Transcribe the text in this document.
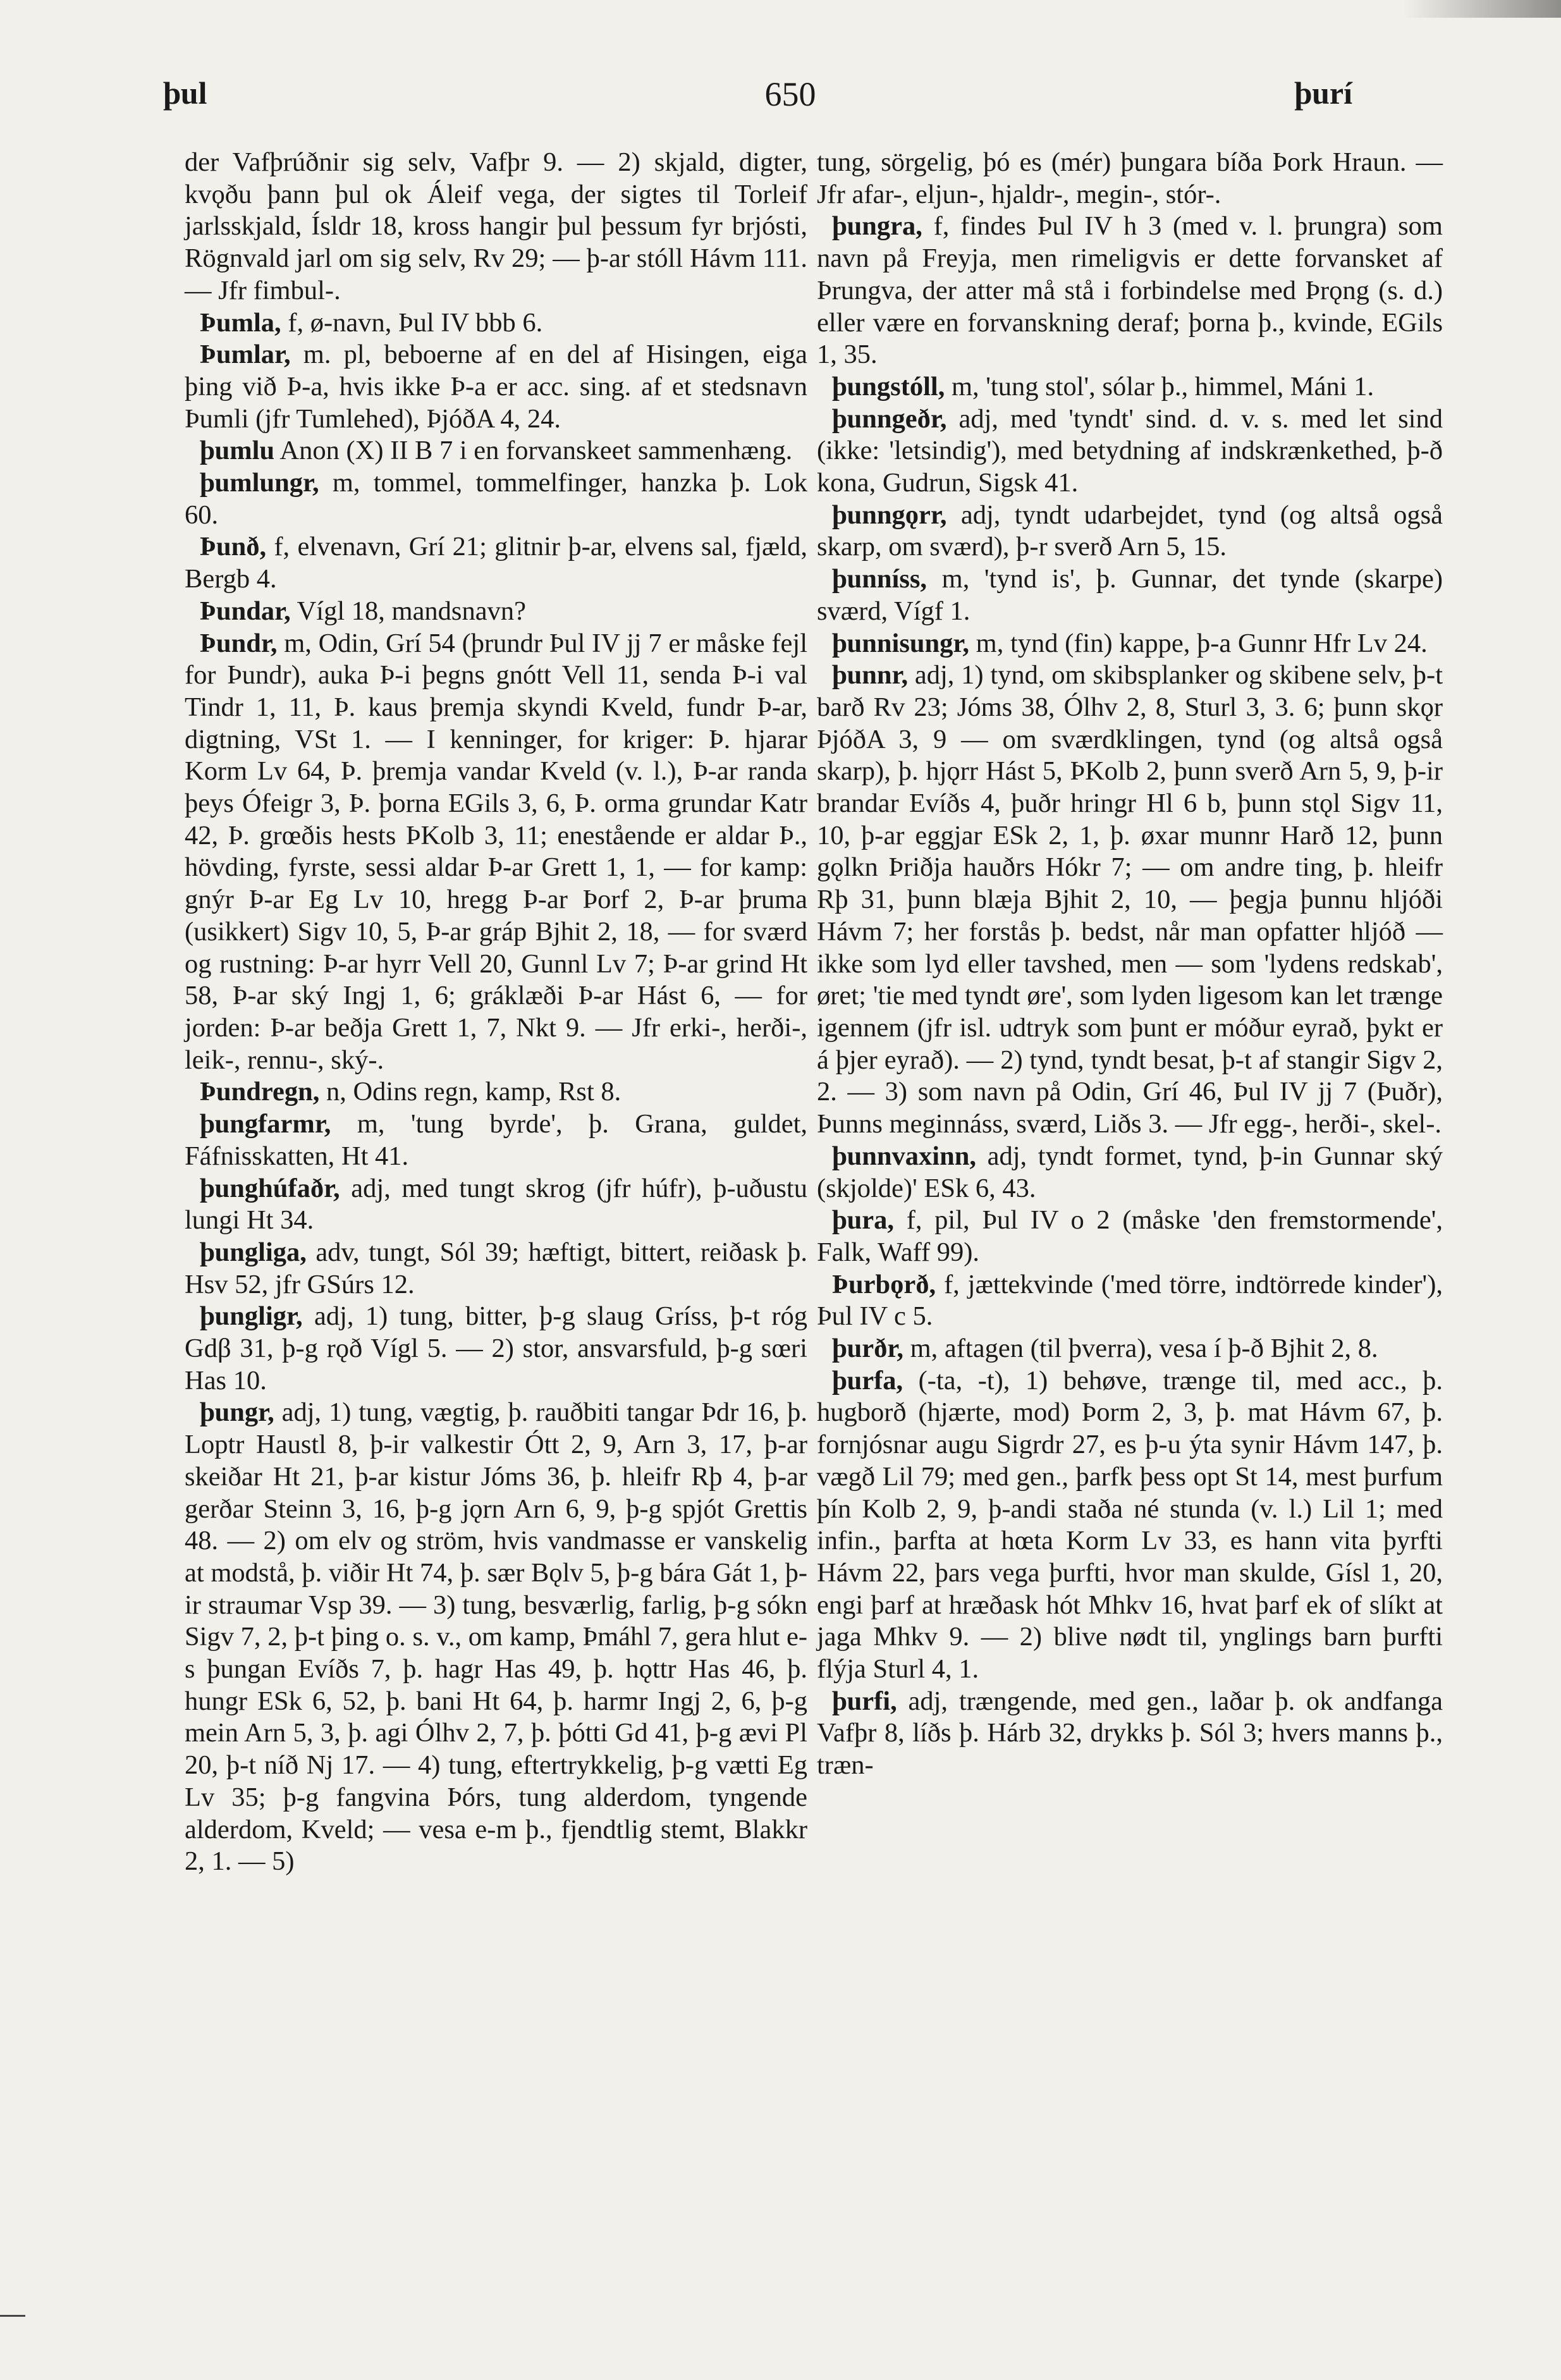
þul	650	þurí

der Vafþrúðnir sig selv, Vafþr 9. — 2) skjald, digter, kvǫðu þann þul ok Áleif vega, der sigtes til Torleif jarlsskjald, Ísldr 18, kross hangir þul þessum fyr brjósti, Rögnvald jarl om sig selv, Rv 29; — þ-ar stóll Hávm 111. — Jfr fimbul-.

Þumla, f, ø-navn, Þul IV bbb 6.

Þumlar, m. pl, beboerne af en del af Hisingen, eiga þing við Þ-a, hvis ikke Þ-a er acc. sing. af et stedsnavn Þumli (jfr Tumlehed), ÞjóðA 4, 24.

þumlu Anon (X) II B 7 i en forvanskeet sammenhæng.

þumlungr, m, tommel, tommelfinger, hanzka þ. Lok 60.

Þunð, f, elvenavn, Grí 21; glitnir þ-ar, elvens sal, fjæld, Bergb 4.

Þundar, Vígl 18, mandsnavn?

Þundr, m, Odin, Grí 54 (þrundr Þul IV jj 7 er måske fejl for Þundr), auka Þ-i þegns gnótt Vell 11, senda Þ-i val Tindr 1, 11, Þ. kaus þremja skyndi Kveld, fundr Þ-ar, digtning, VSt 1. — I kenninger, for kriger: Þ. hjarar Korm Lv 64, Þ. þremja vandar Kveld (v. l.), Þ-ar randa þeys Ófeigr 3, Þ. þorna EGils 3, 6, Þ. orma grundar Katr 42, Þ. grœðis hests ÞKolb 3, 11; enestående er aldar Þ., hövding, fyrste, sessi aldar Þ-ar Grett 1, 1, — for kamp: gnýr Þ-ar Eg Lv 10, hregg Þ-ar Þorf 2, Þ-ar þruma (usikkert) Sigv 10, 5, Þ-ar gráp Bjhit 2, 18, — for sværd og rustning: Þ-ar hyrr Vell 20, Gunnl Lv 7; Þ-ar grind Ht 58, Þ-ar ský Ingj 1, 6; gráklæði Þ-ar Hást 6, — for jorden: Þ-ar beðja Grett 1, 7, Nkt 9. — Jfr erki-, herði-, leik-, rennu-, ský-.

Þundregn, n, Odins regn, kamp, Rst 8.

þungfarmr, m, 'tung byrde', þ. Grana, guldet, Fáfnisskatten, Ht 41.

þunghúfaðr, adj, med tungt skrog (jfr húfr), þ-uðustu lungi Ht 34.

þungliga, adv, tungt, Sól 39; hæftigt, bittert, reiðask þ. Hsv 52, jfr GSúrs 12.

þungligr, adj, 1) tung, bitter, þ-g slaug Gríss, þ-t róg Gdβ 31, þ-g rǫð Vígl 5. — 2) stor, ansvarsfuld, þ-g sœri Has 10.

þungr, adj, 1) tung, vægtig, þ. rauðbiti tangar Þdr 16, þ. Loptr Haustl 8, þ-ir valkestir Ótt 2, 9, Arn 3, 17, þ-ar skeiðar Ht 21, þ-ar kistur Jóms 36, þ. hleifr Rþ 4, þ-ar gerðar Steinn 3, 16, þ-g jǫrn Arn 6, 9, þ-g spjót Grettis 48. — 2) om elv og ström, hvis vandmasse er vanskelig at modstå, þ. viðir Ht 74, þ. sær Bǫlv 5, þ-g bára Gát 1, þ-ir straumar Vsp 39. — 3) tung, besværlig, farlig, þ-g sókn Sigv 7, 2, þ-t þing o. s. v., om kamp, Þmáhl 7, gera hlut e-s þungan Evíðs 7, þ. hagr Has 49, þ. hǫttr Has 46, þ. hungr ESk 6, 52, þ. bani Ht 64, þ. harmr Ingj 2, 6, þ-g mein Arn 5, 3, þ. agi Ólhv 2, 7, þ. þótti Gd 41, þ-g ævi Pl 20, þ-t níð Nj 17. — 4) tung, eftertrykkelig, þ-g vætti Eg Lv 35; þ-g fangvina Þórs, tung alderdom, tyngende alderdom, Kveld; — vesa e-m þ., fjendtlig stemt, Blakkr 2, 1. — 5)

tung, sörgelig, þó es (mér) þungara bíða Þork Hraun. — Jfr afar-, eljun-, hjaldr-, megin-, stór-.

þungra, f, findes Þul IV h 3 (med v. l. þrungra) som navn på Freyja, men rimeligvis er dette forvansket af Þrungva, der atter må stå i forbindelse med Þrǫng (s. d.) eller være en forvanskning deraf; þorna þ., kvinde, EGils 1, 35.

þungstóll, m, 'tung stol', sólar þ., himmel, Máni 1.

þunngeðr, adj, med 'tyndt' sind. d. v. s. med let sind (ikke: 'letsindig'), med betydning af indskrænkethed, þ-ð kona, Gudrun, Sigsk 41.

þunngǫrr, adj, tyndt udarbejdet, tynd (og altså også skarp, om sværd), þ-r sverð Arn 5, 15.

þunníss, m, 'tynd is', þ. Gunnar, det tynde (skarpe) sværd, Vígf 1.

þunnisungr, m, tynd (fin) kappe, þ-a Gunnr Hfr Lv 24.

þunnr, adj, 1) tynd, om skibsplanker og skibene selv, þ-t barð Rv 23; Jóms 38, Ólhv 2, 8, Sturl 3, 3. 6; þunn skǫr ÞjóðA 3, 9 — om sværdklingen, tynd (og altså også skarp), þ. hjǫrr Hást 5, ÞKolb 2, þunn sverð Arn 5, 9, þ-ir brandar Evíðs 4, þuðr hringr Hl 6 b, þunn stǫl Sigv 11, 10, þ-ar eggjar ESk 2, 1, þ. øxar munnr Harð 12, þunn gǫlkn Þriðja hauðrs Hókr 7; — om andre ting, þ. hleifr Rþ 31, þunn blæja Bjhit 2, 10, — þegja þunnu hljóði Hávm 7; her forstås þ. bedst, når man opfatter hljóð — ikke som lyd eller tavshed, men — som 'lydens redskab', øret; 'tie med tyndt øre', som lyden ligesom kan let trænge igennem (jfr isl. udtryk som þunt er móður eyrað, þykt er á þjer eyrað). — 2) tynd, tyndt besat, þ-t af stangir Sigv 2, 2. — 3) som navn på Odin, Grí 46, Þul IV jj 7 (Þuðr), Þunns meginnáss, sværd, Liðs 3. — Jfr egg-, herði-, skel-.

þunnvaxinn, adj, tyndt formet, tynd, þ-in Gunnar ský (skjolde)' ESk 6, 43.

þura, f, pil, Þul IV o 2 (måske 'den fremstormende', Falk, Waff 99).

Þurbǫrð, f, jættekvinde ('med törre, indtörrede kinder'), Þul IV c 5.

þurðr, m, aftagen (til þverra), vesa í þ-ð Bjhit 2, 8.

þurfa, (-ta, -t), 1) behøve, trænge til, med acc., þ. hugborð (hjærte, mod) Þorm 2, 3, þ. mat Hávm 67, þ. fornjósnar augu Sigrdr 27, es þ-u ýta synir Hávm 147, þ. vægð Lil 79; med gen., þarfk þess opt St 14, mest þurfum þín Kolb 2, 9, þ-andi staða né stunda (v. l.) Lil 1; med infin., þarfta at hœta Korm Lv 33, es hann vita þyrfti Hávm 22, þars vega þurfti, hvor man skulde, Gísl 1, 20, engi þarf at hræðask hót Mhkv 16, hvat þarf ek of slíkt at jaga Mhkv 9. — 2) blive nødt til, ynglings barn þurfti flýja Sturl 4, 1.

þurfi, adj, trængende, med gen., laðar þ. ok andfanga Vafþr 8, líðs þ. Hárb 32, drykks þ. Sól 3; hvers manns þ., træn-
